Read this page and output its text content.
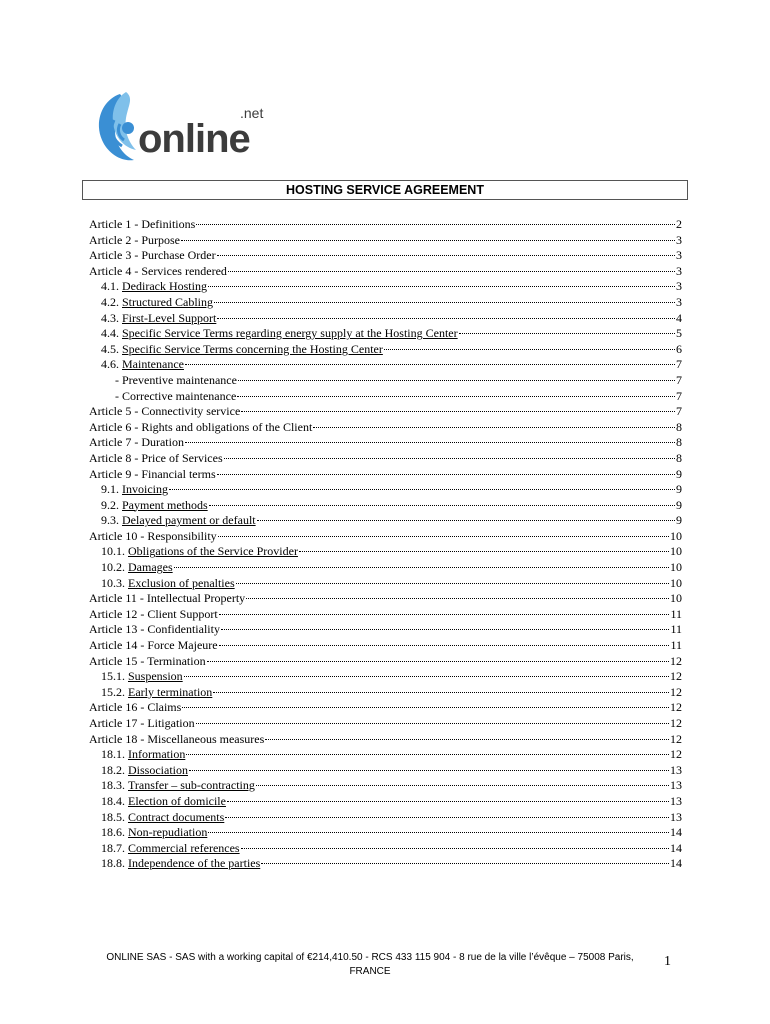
online
.net
HOSTING SERVICE AGREEMENT
Article 1 - Definitions	2
Article 2 - Purpose	3
Article 3 - Purchase Order	3
Article 4 - Services rendered	3
4.1. Dedirack Hosting	3
4.2. Structured Cabling	3
4.3. First-Level Support	4
4.4. Specific Service Terms regarding energy supply at the Hosting Center	5
4.5. Specific Service Terms concerning the Hosting Center	6
4.6. Maintenance	7
- Preventive maintenance	7
- Corrective maintenance	7
Article 5 - Connectivity service	7
Article 6 - Rights and obligations of the Client	8
Article 7 - Duration	8
Article 8 - Price of Services	8
Article 9 - Financial terms	9
9.1. Invoicing	9
9.2. Payment methods	9
9.3. Delayed payment or default	9
Article 10 - Responsibility	10
10.1. Obligations of the Service Provider	10
10.2. Damages	10
10.3. Exclusion of penalties	10
Article 11 - Intellectual Property	10
Article 12 - Client Support	11
Article 13 - Confidentiality	11
Article 14 - Force Majeure	11
Article 15 - Termination	12
15.1. Suspension	12
15.2. Early termination	12
Article 16 - Claims	12
Article 17 - Litigation	12
Article 18 - Miscellaneous measures	12
18.1. Information	12
18.2. Dissociation	13
18.3. Transfer – sub-contracting	13
18.4. Election of domicile	13
18.5. Contract documents	13
18.6. Non-repudiation	14
18.7. Commercial references	14
18.8. Independence of the parties	14
ONLINE SAS - SAS with a working capital of €214,410.50 - RCS 433 115 904 - 8 rue de la ville l’évêque – 75008 Paris,
FRANCE
1
